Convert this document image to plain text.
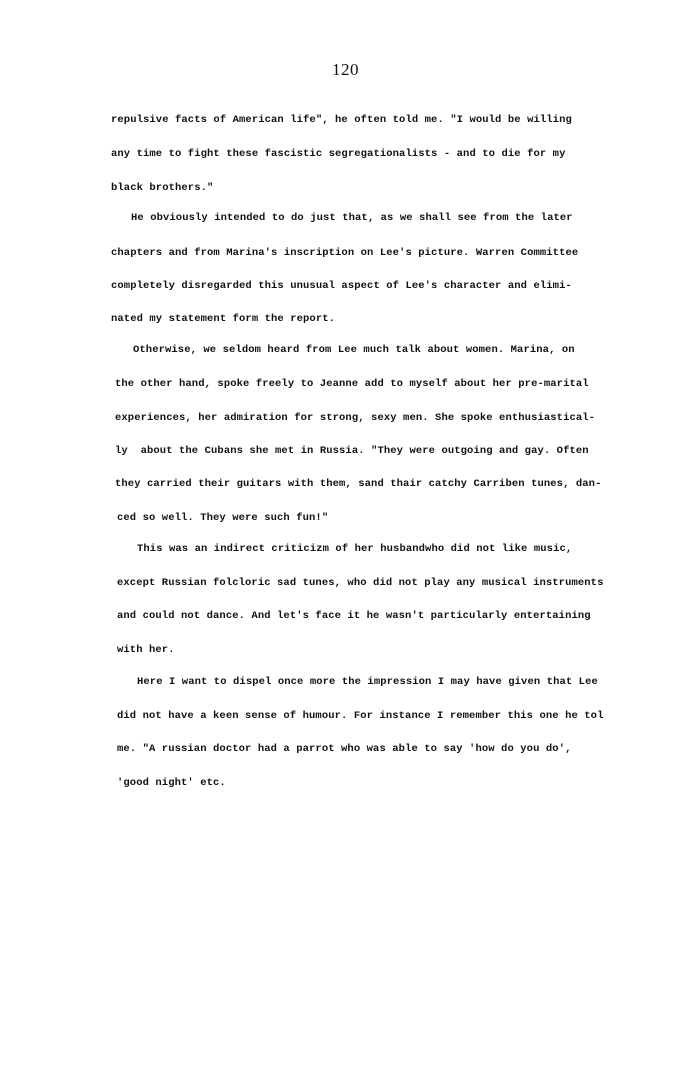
120
repulsive facts of American life", he often told me. "I would be willing
any time to fight these fascistic segregationalists - and to die for my
black brothers."
He obviously intended to do just that, as we shall see from the later
chapters and from Marina's inscription on Lee's picture. Warren Committee
completely disregarded this unusual aspect of Lee's character and elimi-
nated my statement form the report.
Otherwise, we seldom heard from Lee much talk about women. Marina, on
the other hand, spoke freely to Jeanne add to myself about her pre-marital
experiences, her admiration for strong, sexy men. She spoke enthusiastical-
ly  about the Cubans she met in Russia. "They were outgoing and gay. Often
they carried their guitars with them, sand thair catchy Carriben tunes, dan-
ced so well. They were such fun!"
This was an indirect criticizm of her husbandwho did not like music,
except Russian folcloric sad tunes, who did not play any musical instruments
and could not dance. And let's face it he wasn't particularly entertaining
with her.
Here I want to dispel once more the impression I may have given that Lee
did not have a keen sense of humour. For instance I remember this one he tol
me. "A russian doctor had a parrot who was able to say 'how do you do',
'good night' etc.
